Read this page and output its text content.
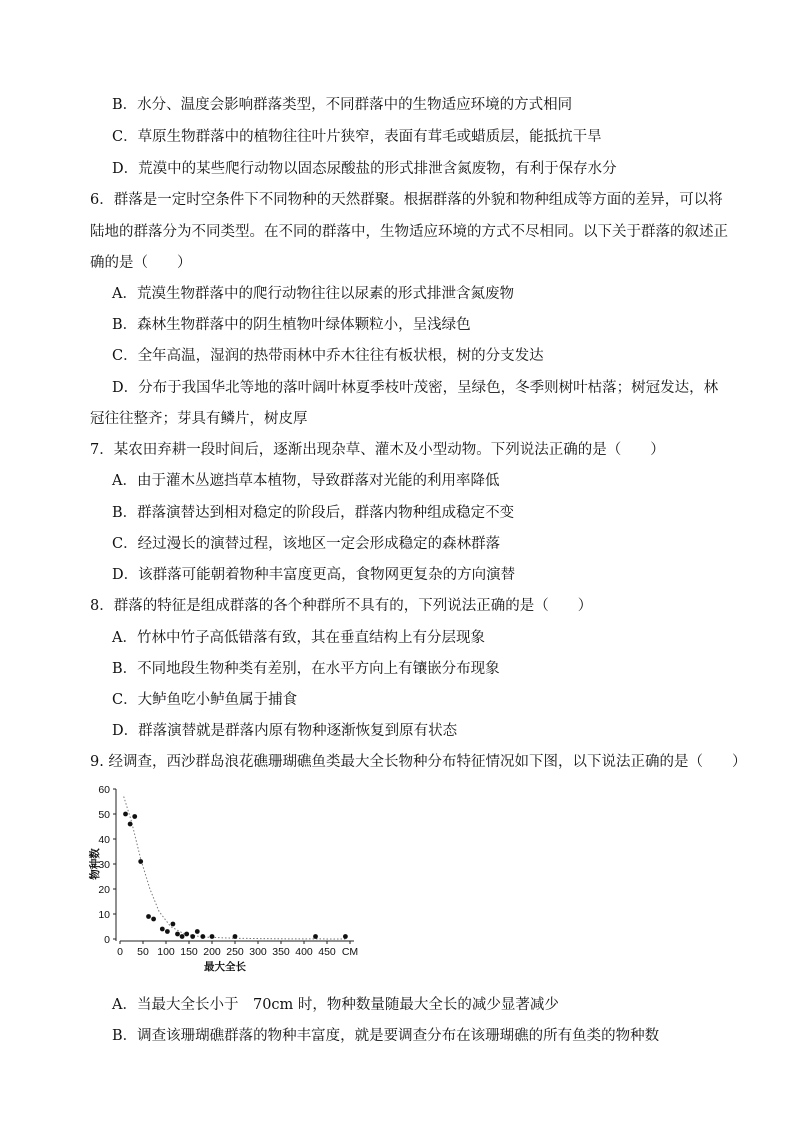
B．水分、温度会影响群落类型，不同群落中的生物适应环境的方式相同
C．草原生物群落中的植物往往叶片狭窄，表面有茸毛或蜡质层，能抵抗干旱
D．荒漠中的某些爬行动物以固态尿酸盐的形式排泄含氮废物，有利于保存水分
6．群落是一定时空条件下不同物种的天然群聚。根据群落的外貌和物种组成等方面的差异，可以将
陆地的群落分为不同类型。在不同的群落中，生物适应环境的方式不尽相同。以下关于群落的叙述正
确的是（　　）
A．荒漠生物群落中的爬行动物往往以尿素的形式排泄含氮废物
B．森林生物群落中的阴生植物叶绿体颗粒小，呈浅绿色
C．全年高温，湿润的热带雨林中乔木往往有板状根，树的分支发达
D．分布于我国华北等地的落叶阔叶林夏季枝叶茂密，呈绿色，冬季则树叶枯落；树冠发达，林
冠往往整齐；芽具有鳞片，树皮厚
7．某农田弃耕一段时间后，逐渐出现杂草、灌木及小型动物。下列说法正确的是（　　）
A．由于灌木丛遮挡草本植物，导致群落对光能的利用率降低
B．群落演替达到相对稳定的阶段后，群落内物种组成稳定不变
C．经过漫长的演替过程，该地区一定会形成稳定的森林群落
D．该群落可能朝着物种丰富度更高，食物网更复杂的方向演替
8．群落的特征是组成群落的各个种群所不具有的，下列说法正确的是（　　）
A．竹林中竹子高低错落有致，其在垂直结构上有分层现象
B．不同地段生物种类有差别，在水平方向上有镶嵌分布现象
C．大鲈鱼吃小鲈鱼属于捕食
D．群落演替就是群落内原有物种逐渐恢复到原有状态
9. 经调查，西沙群岛浪花礁珊瑚礁鱼类最大全长物种分布特征情况如下图，以下说法正确的是（　　）
0
10
20
30
40
50
60
0 50 100 150 200 250 300 350 400 450 CM
最大全长
物种数
A．当最大全长小于　70cm 时，物种数量随最大全长的减少显著减少
B．调查该珊瑚礁群落的物种丰富度，就是要调查分布在该珊瑚礁的所有鱼类的物种数
